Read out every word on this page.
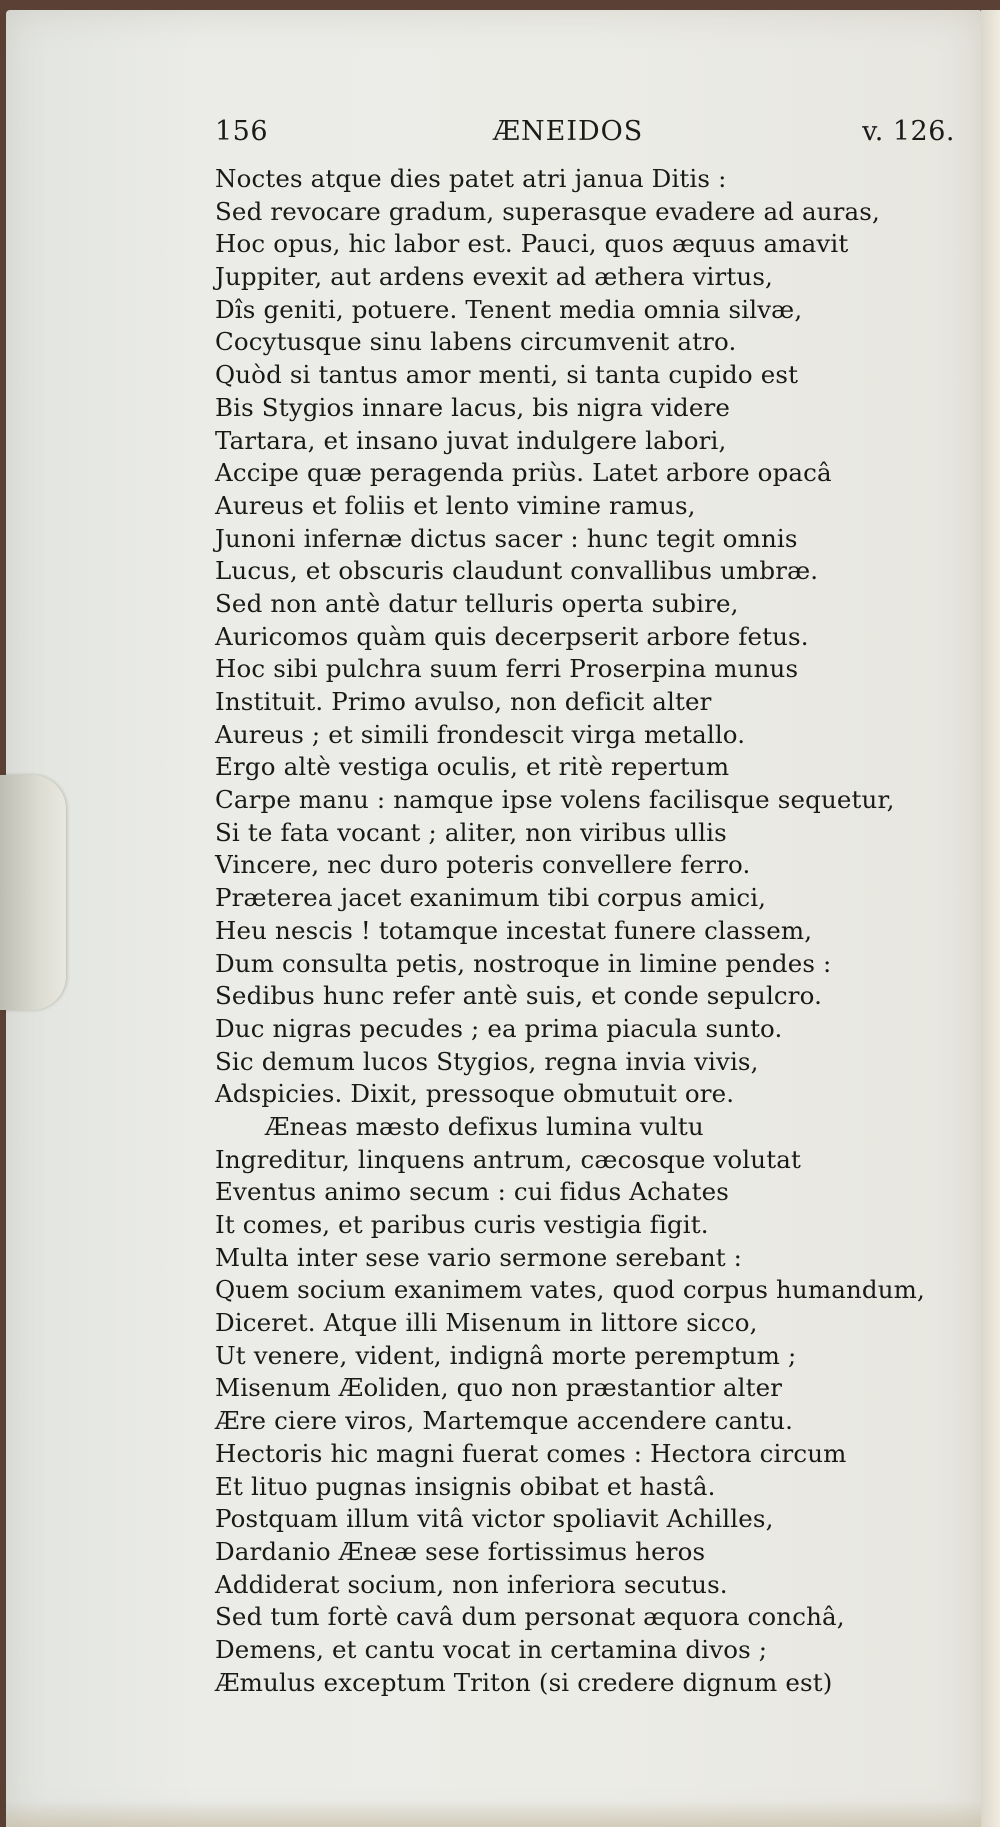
156	ÆNEIDOS	v. 126.
Noctes atque dies patet atri janua Ditis :
Sed revocare gradum, superasque evadere ad auras,
Hoc opus, hic labor est. Pauci, quos æquus amavit
Juppiter, aut ardens evexit ad æthera virtus,
Dîs geniti, potuere. Tenent media omnia silvæ,
Cocytusque sinu labens circumvenit atro.
Quòd si tantus amor menti, si tanta cupido est
Bis Stygios innare lacus, bis nigra videre
Tartara, et insano juvat indulgere labori,
Accipe quæ peragenda priùs. Latet arbore opacâ
Aureus et foliis et lento vimine ramus,
Junoni infernæ dictus sacer : hunc tegit omnis
Lucus, et obscuris claudunt convallibus umbræ.
Sed non antè datur telluris operta subire,
Auricomos quàm quis decerpserit arbore fetus.
Hoc sibi pulchra suum ferri Proserpina munus
Instituit. Primo avulso, non deficit alter
Aureus ; et simili frondescit virga metallo.
Ergo altè vestiga oculis, et ritè repertum
Carpe manu : namque ipse volens facilisque sequetur,
Si te fata vocant ; aliter, non viribus ullis
Vincere, nec duro poteris convellere ferro.
Præterea jacet exanimum tibi corpus amici,
Heu nescis ! totamque incestat funere classem,
Dum consulta petis, nostroque in limine pendes :
Sedibus hunc refer antè suis, et conde sepulcro.
Duc nigras pecudes ; ea prima piacula sunto.
Sic demum lucos Stygios, regna invia vivis,
Adspicies. Dixit, pressoque obmutuit ore.
Æneas mæsto defixus lumina vultu
Ingreditur, linquens antrum, cæcosque volutat
Eventus animo secum : cui fidus Achates
It comes, et paribus curis vestigia figit.
Multa inter sese vario sermone serebant :
Quem socium exanimem vates, quod corpus humandum,
Diceret. Atque illi Misenum in littore sicco,
Ut venere, vident, indignâ morte peremptum ;
Misenum Æoliden, quo non præstantior alter
Ære ciere viros, Martemque accendere cantu.
Hectoris hic magni fuerat comes : Hectora circum
Et lituo pugnas insignis obibat et hastâ.
Postquam illum vitâ victor spoliavit Achilles,
Dardanio Æneæ sese fortissimus heros
Addiderat socium, non inferiora secutus.
Sed tum fortè cavâ dum personat æquora conchâ,
Demens, et cantu vocat in certamina divos ;
Æmulus exceptum Triton (si credere dignum est)
